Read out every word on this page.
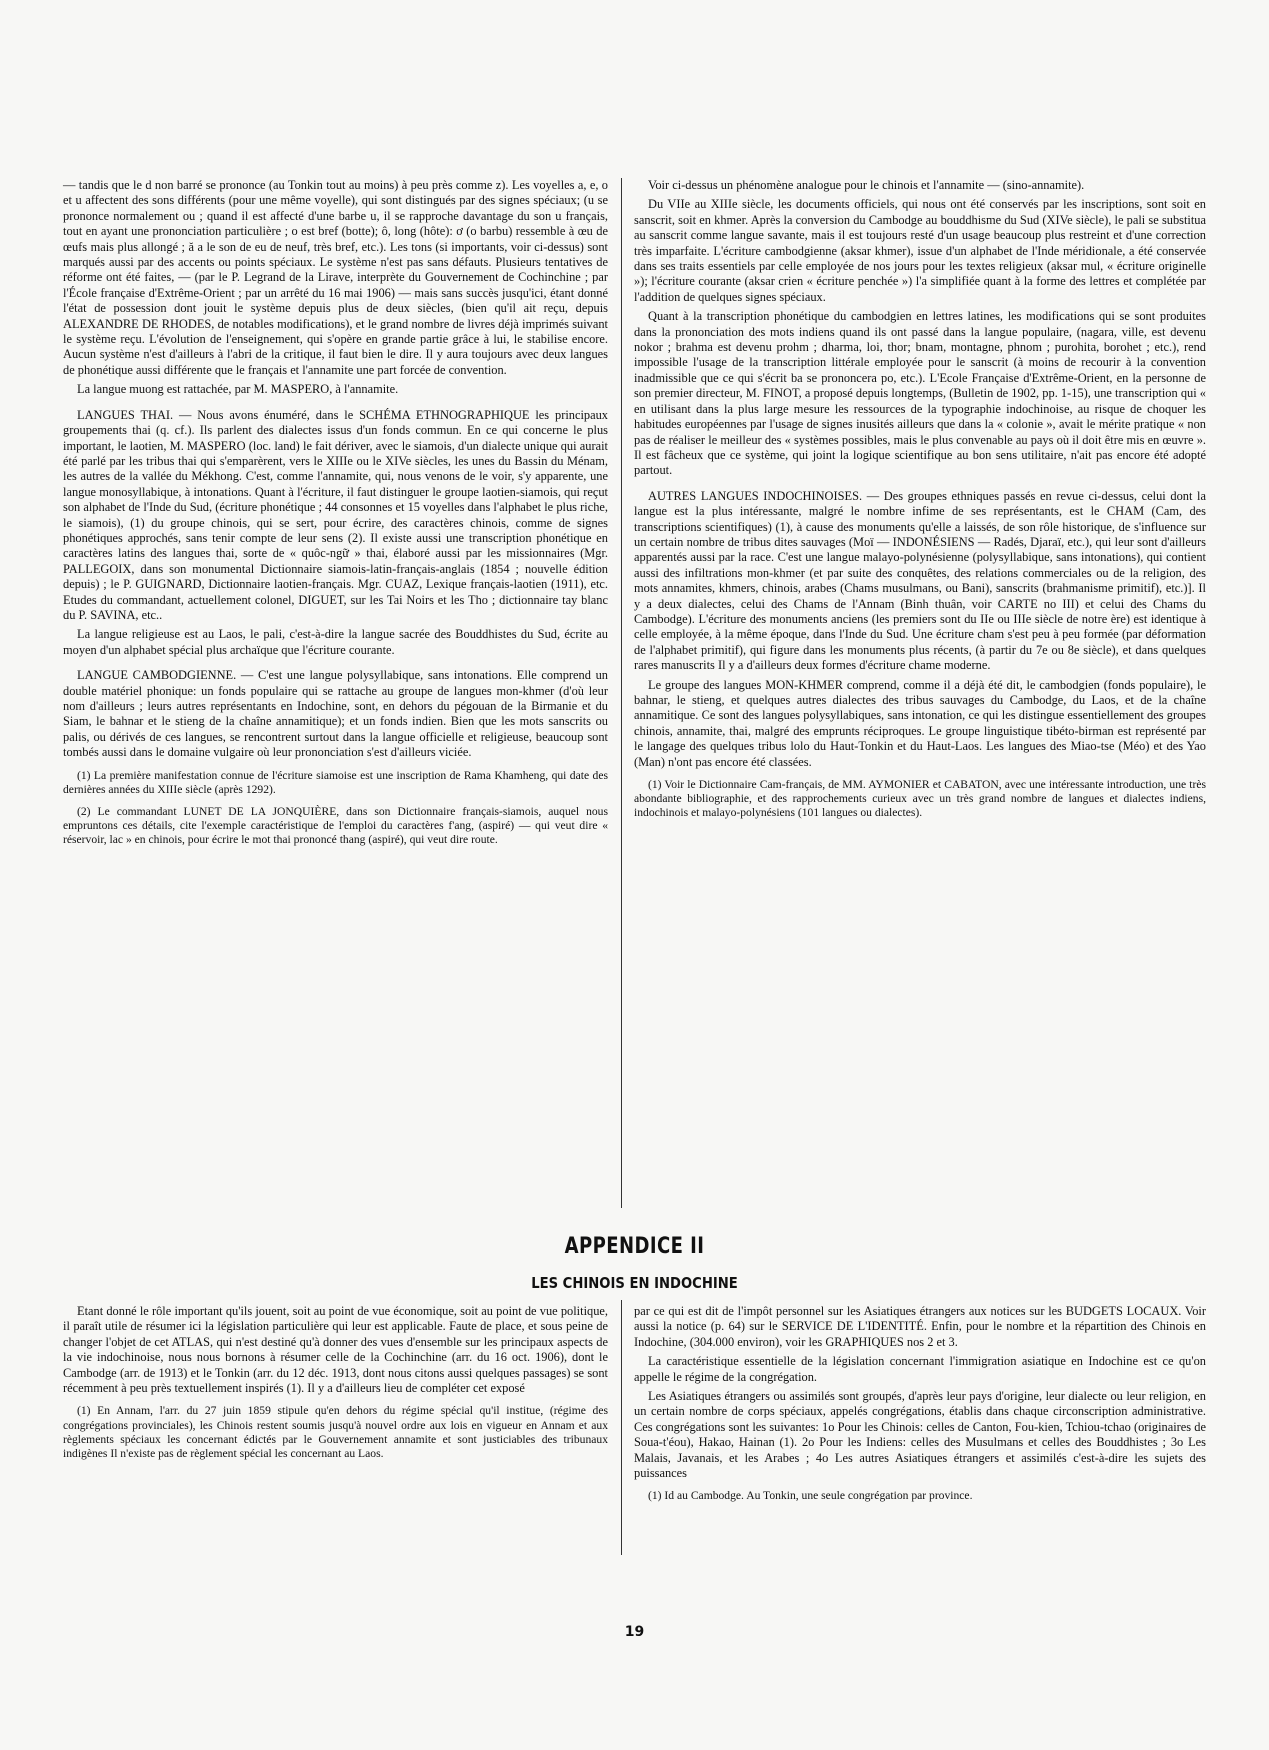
— tandis que le d non barré se prononce (au Tonkin tout au moins) à peu près comme z). Les voyelles a, e, o et u affectent des sons différents (pour une même voyelle), qui sont distingués par des signes spéciaux; (u se prononce normalement ou ; quand il est affecté d'une barbe u, il se rapproche davantage du son u français, tout en ayant une prononciation particulière ; o est bref (botte); ô, long (hôte): ơ (o barbu) ressemble à œu de œufs mais plus allongé ; ă a le son de eu de neuf, très bref, etc.). Les tons (si importants, voir ci-dessus) sont marqués aussi par des accents ou points spéciaux. Le système n'est pas sans défauts. Plusieurs tentatives de réforme ont été faites, — (par le P. Legrand de la Lirave, interprète du Gouvernement de Cochinchine ; par l'École française d'Extrême-Orient ; par un arrêté du 16 mai 1906) — mais sans succès jusqu'ici, étant donné l'état de possession dont jouit le système depuis plus de deux siècles, (bien qu'il ait reçu, depuis ALEXANDRE DE RHODES, de notables modifications), et le grand nombre de livres déjà imprimés suivant le système reçu. L'évolution de l'enseignement, qui s'opère en grande partie grâce à lui, le stabilise encore. Aucun système n'est d'ailleurs à l'abri de la critique, il faut bien le dire. Il y aura toujours avec deux langues de phonétique aussi différente que le français et l'annamite une part forcée de convention.

La langue muong est rattachée, par M. MASPERO, à l'annamite.

LANGUES THAI. — Nous avons énuméré, dans le SCHÉMA ETHNOGRAPHIQUE les principaux groupements thai (q. cf.). Ils parlent des dialectes issus d'un fonds commun. En ce qui concerne le plus important, le laotien, M. MASPERO (loc. land) le fait dériver, avec le siamois, d'un dialecte unique qui aurait été parlé par les tribus thai qui s'emparèrent, vers le XIIIe ou le XIVe siècles, les unes du Bassin du Ménam, les autres de la vallée du Mékhong. C'est, comme l'annamite, qui, nous venons de le voir, s'y apparente, une langue monosyllabique, à intonations. Quant à l'écriture, il faut distinguer le groupe laotien-siamois, qui reçut son alphabet de l'Inde du Sud, (écriture phonétique ; 44 consonnes et 15 voyelles dans l'alphabet le plus riche, le siamois), (1) du groupe chinois, qui se sert, pour écrire, des caractères chinois, comme de signes phonétiques approchés, sans tenir compte de leur sens (2). Il existe aussi une transcription phonétique en caractères latins des langues thai, sorte de « quôc-ngữ » thai, élaboré aussi par les missionnaires (Mgr. PALLEGOIX, dans son monumental Dictionnaire siamois-latin-français-anglais (1854 ; nouvelle édition depuis) ; le P. GUIGNARD, Dictionnaire laotien-français. Mgr. CUAZ, Lexique français-laotien (1911), etc. Etudes du commandant, actuellement colonel, DIGUET, sur les Tai Noirs et les Tho ; dictionnaire tay blanc du P. SAVINA, etc..

La langue religieuse est au Laos, le pali, c'est-à-dire la langue sacrée des Bouddhistes du Sud, écrite au moyen d'un alphabet spécial plus archaïque que l'écriture courante.

LANGUE CAMBODGIENNE. — C'est une langue polysyllabique, sans intonations. Elle comprend un double matériel phonique: un fonds populaire qui se rattache au groupe de langues mon-khmer (d'où leur nom d'ailleurs ; leurs autres représentants en Indochine, sont, en dehors du pégouan de la Birmanie et du Siam, le bahnar et le stieng de la chaîne annamitique); et un fonds indien. Bien que les mots sanscrits ou palis, ou dérivés de ces langues, se rencontrent surtout dans la langue officielle et religieuse, beaucoup sont tombés aussi dans le domaine vulgaire où leur prononciation s'est d'ailleurs viciée.

(1) La première manifestation connue de l'écriture siamoise est une inscription de Rama Khamheng, qui date des dernières années du XIIIe siècle (après 1292).

(2) Le commandant LUNET DE LA JONQUIÈRE, dans son Dictionnaire français-siamois, auquel nous empruntons ces détails, cite l'exemple caractéristique de l'emploi du caractères f'ang, (aspiré) — qui veut dire « réservoir, lac » en chinois, pour écrire le mot thai prononcé thang (aspiré), qui veut dire route.

Voir ci-dessus un phénomène analogue pour le chinois et l'annamite — (sino-annamite).

Du VIIe au XIIIe siècle, les documents officiels, qui nous ont été conservés par les inscriptions, sont soit en sanscrit, soit en khmer. Après la conversion du Cambodge au bouddhisme du Sud (XIVe siècle), le pali se substitua au sanscrit comme langue savante, mais il est toujours resté d'un usage beaucoup plus restreint et d'une correction très imparfaite. L'écriture cambodgienne (aksar khmer), issue d'un alphabet de l'Inde méridionale, a été conservée dans ses traits essentiels par celle employée de nos jours pour les textes religieux (aksar mul, « écriture originelle »); l'écriture courante (aksar crien « écriture penchée ») l'a simplifiée quant à la forme des lettres et complétée par l'addition de quelques signes spéciaux.

Quant à la transcription phonétique du cambodgien en lettres latines, les modifications qui se sont produites dans la prononciation des mots indiens quand ils ont passé dans la langue populaire, (nagara, ville, est devenu nokor ; brahma est devenu prohm ; dharma, loi, thor; bnam, montagne, phnom ; purohita, borohet ; etc.), rend impossible l'usage de la transcription littérale employée pour le sanscrit (à moins de recourir à la convention inadmissible que ce qui s'écrit ba se prononcera po, etc.). L'Ecole Française d'Extrême-Orient, en la personne de son premier directeur, M. FINOT, a proposé depuis longtemps, (Bulletin de 1902, pp. 1-15), une transcription qui « en utilisant dans la plus large mesure les ressources de la typographie indochinoise, au risque de choquer les habitudes européennes par l'usage de signes inusités ailleurs que dans la « colonie », avait le mérite pratique « non pas de réaliser le meilleur des « systèmes possibles, mais le plus convenable au pays où il doit être mis en œuvre ». Il est fâcheux que ce système, qui joint la logique scientifique au bon sens utilitaire, n'ait pas encore été adopté partout.

AUTRES LANGUES INDOCHINOISES. — Des groupes ethniques passés en revue ci-dessus, celui dont la langue est la plus intéressante, malgré le nombre infime de ses représentants, est le CHAM (Cam, des transcriptions scientifiques) (1), à cause des monuments qu'elle a laissés, de son rôle historique, de s'influence sur un certain nombre de tribus dites sauvages (Moï — INDONÉSIENS — Radés, Djaraï, etc.), qui leur sont d'ailleurs apparentés aussi par la race. C'est une langue malayo-polynésienne (polysyllabique, sans intonations), qui contient aussi des infiltrations mon-khmer (et par suite des conquêtes, des relations commerciales ou de la religion, des mots annamites, khmers, chinois, arabes (Chams musulmans, ou Bani), sanscrits (brahmanisme primitif), etc.)]. Il y a deux dialectes, celui des Chams de l'Annam (Binh thuân, voir CARTE no III) et celui des Chams du Cambodge). L'écriture des monuments anciens (les premiers sont du IIe ou IIIe siècle de notre ère) est identique à celle employée, à la même époque, dans l'Inde du Sud. Une écriture cham s'est peu à peu formée (par déformation de l'alphabet primitif), qui figure dans les monuments plus récents, (à partir du 7e ou 8e siècle), et dans quelques rares manuscrits Il y a d'ailleurs deux formes d'écriture chame moderne.

Le groupe des langues MON-KHMER comprend, comme il a déjà été dit, le cambodgien (fonds populaire), le bahnar, le stieng, et quelques autres dialectes des tribus sauvages du Cambodge, du Laos, et de la chaîne annamitique. Ce sont des langues polysyllabiques, sans intonation, ce qui les distingue essentiellement des groupes chinois, annamite, thai, malgré des emprunts réciproques. Le groupe linguistique tibéto-birman est représenté par le langage des quelques tribus lolo du Haut-Tonkin et du Haut-Laos. Les langues des Miao-tse (Méo) et des Yao (Man) n'ont pas encore été classées.

(1) Voir le Dictionnaire Cam-français, de MM. AYMONIER et CABATON, avec une intéressante introduction, une très abondante bibliographie, et des rapprochements curieux avec un très grand nombre de langues et dialectes indiens, indochinois et malayo-polynésiens (101 langues ou dialectes).

APPENDICE II
LES CHINOIS EN INDOCHINE

Etant donné le rôle important qu'ils jouent, soit au point de vue économique, soit au point de vue politique, il paraît utile de résumer ici la législation particulière qui leur est applicable. Faute de place, et sous peine de changer l'objet de cet ATLAS, qui n'est destiné qu'à donner des vues d'ensemble sur les principaux aspects de la vie indochinoise, nous nous bornons à résumer celle de la Cochinchine (arr. du 16 oct. 1906), dont le Cambodge (arr. de 1913) et le Tonkin (arr. du 12 déc. 1913, dont nous citons aussi quelques passages) se sont récemment à peu près textuellement inspirés (1). Il y a d'ailleurs lieu de compléter cet exposé

(1) En Annam, l'arr. du 27 juin 1859 stipule qu'en dehors du régime spécial qu'il institue, (régime des congrégations provinciales), les Chinois restent soumis jusqu'à nouvel ordre aux lois en vigueur en Annam et aux règlements spéciaux les concernant édictés par le Gouvernement annamite et sont justiciables des tribunaux indigènes Il n'existe pas de règlement spécial les concernant au Laos.

par ce qui est dit de l'impôt personnel sur les Asiatiques étrangers aux notices sur les BUDGETS LOCAUX. Voir aussi la notice (p. 64) sur le SERVICE DE L'IDENTITÉ. Enfin, pour le nombre et la répartition des Chinois en Indochine, (304.000 environ), voir les GRAPHIQUES nos 2 et 3.

La caractéristique essentielle de la législation concernant l'immigration asiatique en Indochine est ce qu'on appelle le régime de la congrégation.

Les Asiatiques étrangers ou assimilés sont groupés, d'après leur pays d'origine, leur dialecte ou leur religion, en un certain nombre de corps spéciaux, appelés congrégations, établis dans chaque circonscription administrative. Ces congrégations sont les suivantes: 1o Pour les Chinois: celles de Canton, Fou-kien, Tchiou-tchao (originaires de Soua-t'éou), Hakao, Hainan (1). 2o Pour les Indiens: celles des Musulmans et celles des Bouddhistes ; 3o Les Malais, Javanais, et les Arabes ; 4o Les autres Asiatiques étrangers et assimilés c'est-à-dire les sujets des puissances

(1) Id au Cambodge. Au Tonkin, une seule congrégation par province.

19
